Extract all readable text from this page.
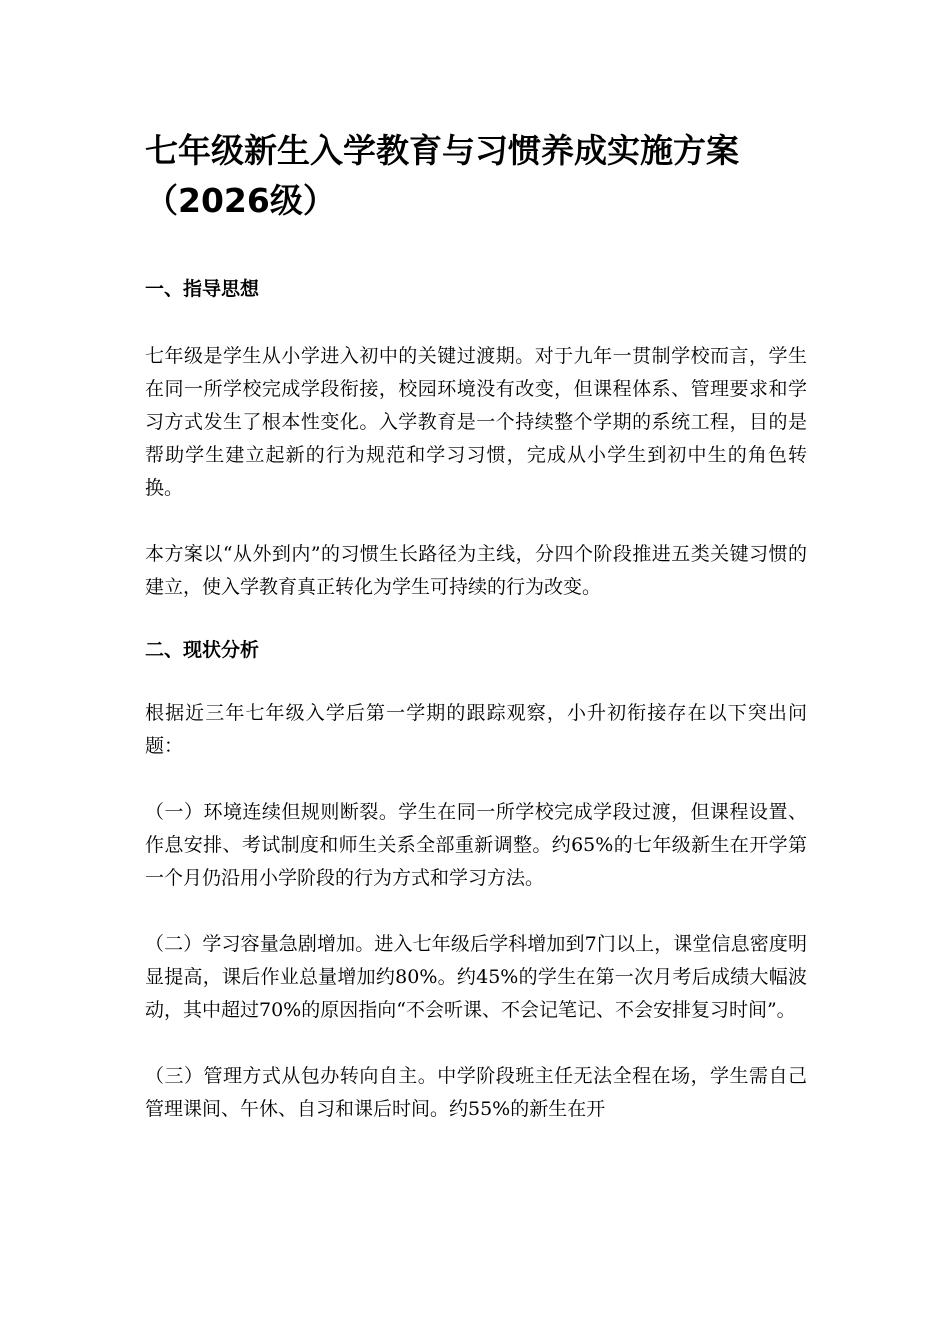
七年级新生入学教育与习惯养成实施方案（2026级）
一、指导思想

七年级是学生从小学进入初中的关键过渡期。对于九年一贯制学校而言，学生在同一所学校完成学段衔接，校园环境没有改变，但课程体系、管理要求和学习方式发生了根本性变化。入学教育是一个持续整个学期的系统工程，目的是帮助学生建立起新的行为规范和学习习惯，完成从小学生到初中生的角色转换。

本方案以“从外到内”的习惯生长路径为主线，分四个阶段推进五类关键习惯的建立，使入学教育真正转化为学生可持续的行为改变。

二、现状分析

根据近三年七年级入学后第一学期的跟踪观察，小升初衔接存在以下突出问题：

（一）环境连续但规则断裂。学生在同一所学校完成学段过渡，但课程设置、作息安排、考试制度和师生关系全部重新调整。约65%的七年级新生在开学第一个月仍沿用小学阶段的行为方式和学习方法。

（二）学习容量急剧增加。进入七年级后学科增加到7门以上，课堂信息密度明显提高，课后作业总量增加约80%。约45%的学生在第一次月考后成绩大幅波动，其中超过70%的原因指向“不会听课、不会记笔记、不会安排复习时间”。

（三）管理方式从包办转向自主。中学阶段班主任无法全程在场，学生需自己管理课间、午休、自习和课后时间。约55%的新生在开
